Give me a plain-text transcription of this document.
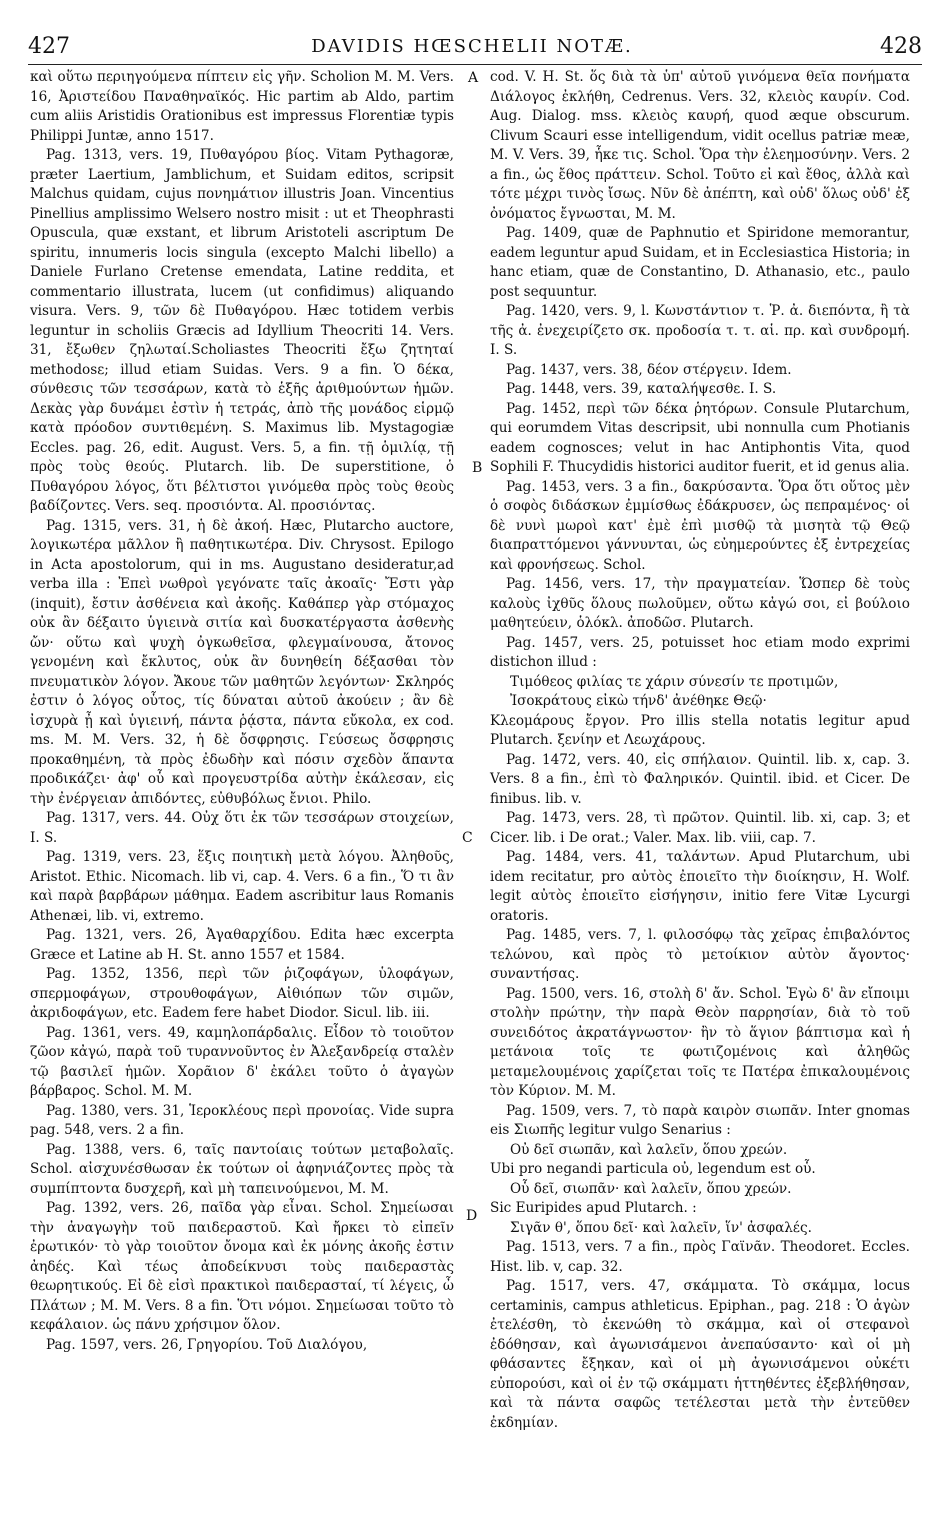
427	DAVIDIS HŒSCHELII NOTÆ.	428

καὶ οὕτω περιηγούμενα πίπτειν εἰς γῆν. Scholion M. M. Vers. 16, Ἀριστείδου Παναθηναϊκός. Hic partim ab Aldo, partim cum aliis Aristidis Orationibus est impressus Florentiæ typis Philippi Juntæ, anno 1517.

Pag. 1313, vers. 19, Πυθαγόρου βίος. Vitam Pythagoræ, præter Laertium, Jamblichum, et Suidam editos, scripsit Malchus quidam, cujus πονημάτιον illustris Joan. Vincentius Pinellius amplissimo Welsero nostro misit : ut et Theophrasti Opuscula, quæ exstant, et librum Aristoteli ascriptum De spiritu, innumeris locis singula (excepto Malchi libello) a Daniele Furlano Cretense emendata, Latine reddita, et commentario illustrata, lucem (ut confidimus) aliquando visura. Vers. 9, τῶν δὲ Πυθαγόρου. Hæc totidem verbis leguntur in scholiis Græcis ad Idyllium Theocriti 14. Vers. 31, ἔξωθεν ζηλωταί.Scholiastes Theocriti ἔξω ζητηταί methodosε; illud etiam Suidas. Vers. 9 a fin. Ὁ δέκα, σύνθεσις τῶν τεσσάρων, κατὰ τὸ ἑξῆς ἀριθμούντων ἡμῶν. Δεκὰς γὰρ δυνάμει ἐστὶν ἡ τετράς, ἀπὸ τῆς μονάδος εἱρμῷ κατὰ πρόοδον συντιθεμένη. S. Maximus lib. Mystagogiæ Eccles. pag. 26, edit. August. Vers. 5, a fin. τῇ ὁμιλίᾳ, τῇ πρὸς τοὺς θεούς. Plutarch. lib. De superstitione, ὁ Πυθαγόρου λόγος, ὅτι βέλτιστοι γινόμεθα πρὸς τοὺς θεοὺς βαδίζοντες. Vers. seq. προσιόντα. Al. προσιόντας.

Pag. 1315, vers. 31, ἡ δὲ ἀκοή. Hæc, Plutarcho auctore, λογικωτέρα μᾶλλον ἢ παθητικωτέρα. Div. Chrysost. Epilogo in Acta apostolorum, qui in ms. Augustano desideratur,ad verba illa : Ἐπεὶ νωθροὶ γεγόνατε ταῖς ἀκοαῖς· Ἔστι γὰρ (inquit), ἔστιν ἀσθένεια καὶ ἀκοῆς. Καθάπερ γὰρ στόμαχος οὐκ ἂν δέξαιτο ὑγιεινὰ σιτία καὶ δυσκατέργαστα ἀσθενὴς ὤν· οὕτω καὶ ψυχὴ ὀγκωθεῖσα, φλεγμαίνουσα, ἄτονος γενομένη καὶ ἔκλυτος, οὐκ ἂν δυνηθείη δέξασθαι τὸν πνευματικὸν λόγον. Ἄκουε τῶν μαθητῶν λεγόντων· Σκληρός ἐστιν ὁ λόγος οὗτος, τίς δύναται αὐτοῦ ἀκούειν ; ἂν δὲ ἰσχυρὰ ᾖ καὶ ὑγιεινή, πάντα ῥᾴστα, πάντα εὔκολα, ex cod. ms. M. M. Vers. 32, ἡ δὲ ὄσφρησις. Γεύσεως ὄσφρησις προκαθημένη, τὰ πρὸς ἐδωδὴν καὶ πόσιν σχεδὸν ἅπαντα προδικάζει· ἀφ' οὗ καὶ προγευστρίδα αὐτὴν ἐκάλεσαν, εἰς τὴν ἐνέργειαν ἀπιδόντες, εὐθυβόλως ἔνιοι. Philo.

Pag. 1317, vers. 44. Οὐχ ὅτι ἐκ τῶν τεσσάρων στοιχείων, I. S.

Pag. 1319, vers. 23, ἕξις ποιητικὴ μετὰ λόγου. Ἀληθοῦς, Aristot. Ethic. Nicomach. lib vi, cap. 4. Vers. 6 a fin., Ὅ τι ἂν καὶ παρὰ βαρβάρων μάθημα. Eadem ascribitur laus Romanis Athenæi, lib. vi, extremo.

Pag. 1321, vers. 26, Ἀγαθαρχίδου. Edita hæc excerpta Græce et Latine ab H. St. anno 1557 et 1584.

Pag. 1352, 1356, περὶ τῶν ῥιζοφάγων, ὑλοφάγων, σπερμοφάγων, στρουθοφάγων, Αἰθιόπων τῶν σιμῶν, ἀκριδοφάγων, etc. Eadem fere habet Diodor. Sicul. lib. iii.

Pag. 1361, vers. 49, καμηλοπάρδαλις. Εἶδον τὸ τοιοῦτον ζῶον κἀγώ, παρὰ τοῦ τυραννοῦντος ἐν Ἀλεξανδρείᾳ σταλὲν τῷ βασιλεῖ ἡμῶν. Χορᾶιον δ' ἐκάλει τοῦτο ὁ ἀγαγὼν βάρβαρος. Schol. M. M.

Pag. 1380, vers. 31, Ἱεροκλέους περὶ προνοίας. Vide supra pag. 548, vers. 2 a fin.

Pag. 1388, vers. 6, ταῖς παντοίαις τούτων μεταβολαῖς. Schol. αἰσχυνέσθωσαν ἐκ τούτων οἱ ἀφηνιάζοντες πρὸς τὰ συμπίπτοντα δυσχερῆ, καὶ μὴ ταπεινούμενοι, M. M.

Pag. 1392, vers. 26, παῖδα γὰρ εἶναι. Schol. Σημείωσαι τὴν ἀναγωγὴν τοῦ παιδεραστοῦ. Καὶ ἤρκει τὸ εἰπεῖν ἐρωτικόν· τὸ γὰρ τοιοῦτον ὄνομα καὶ ἐκ μόνης ἀκοῆς ἐστιν ἀηδές. Καὶ τέως ἀποδείκνυσι τοὺς παιδεραστὰς θεωρητικούς. Εἰ δὲ εἰσὶ πρακτικοὶ παιδερασταί, τί λέγεις, ὦ Πλάτων ; M. M. Vers. 8 a fin. Ὅτι νόμοι. Σημείωσαι τοῦτο τὸ κεφάλαιον. ὡς πάνυ χρήσιμον ὅλον.

Pag. 1597, vers. 26, Γρηγορίου. Τοῦ Διαλόγου,

cod. V. H. St. ὅς διὰ τὰ ὑπ' αὐτοῦ γινόμενα θεῖα πονήματα Διάλογος ἐκλήθη, Cedrenus. Vers. 32, κλειὸς καυρίν. Cod. Aug. Dialog. mss. κλειὸς καυρή, quod æque obscurum. Clivum Scauri esse intelligendum, vidit ocellus patriæ meæ, M. V. Vers. 39, ἧκε τις. Schol. Ὅρα τὴν ἐλεημοσύνην. Vers. 2 a fin., ὡς ἔθος πράττειν. Schol. Τοῦτο εἰ καὶ ἔθος, ἀλλὰ καὶ τότε μέχρι τινὸς ἴσως. Νῦν δὲ ἀπέπτη, καὶ οὐδ' ὅλως οὐδ' ἐξ ὀνόματος ἔγνωσται, M. M.

Pag. 1409, quæ de Paphnutio et Spiridone memorantur, eadem leguntur apud Suidam, et in Ecclesiastica Historia; in hanc etiam, quæ de Constantino, D. Athanasio, etc., paulo post sequuntur.

Pag. 1420, vers. 9, l. Κωνστάντιον τ. Ῥ. ἀ. διεπόντα, ἢ τὰ τῆς ἀ. ἐνεχειρίζετο σκ. προδοσία τ. τ. αἱ. πρ. καὶ συνδρομή. I. S.

Pag. 1437, vers. 38, δέον στέργειν. Idem.

Pag. 1448, vers. 39, καταλήψεσθε. I. S.

Pag. 1452, περὶ τῶν δέκα ῥητόρων. Consule Plutarchum, qui eorumdem Vitas descripsit, ubi nonnulla cum Photianis eadem cognosces; velut in hac Antiphontis Vita, quod Sophili F. Thucydidis historici auditor fuerit, et id genus alia.

Pag. 1453, vers. 3 a fin., δακρύσαντα. Ὅρα ὅτι οὕτος μὲν ὁ σοφὸς διδάσκων ἐμμίσθως ἐδάκρυσεν, ὡς πεπραμένος· οἱ δὲ νυνὶ μωροὶ κατ' ἐμὲ ἐπὶ μισθῷ τὰ μισητὰ τῷ Θεῷ διαπραττόμενοι γάννυνται, ὡς εὐημερούντες ἐξ ἐντρεχείας καὶ φρονήσεως. Schol.

Pag. 1456, vers. 17, τὴν πραγματείαν. Ὥσπερ δὲ τοὺς καλοὺς ἰχθῦς ὅλους πωλοῦμεν, οὕτω κἀγώ σοι, εἰ βούλοιο μαθητεύειν, ὁλόκλ. ἀποδῶσ. Plutarch.

Pag. 1457, vers. 25, potuisset hoc etiam modo exprimi distichon illud :

Τιμόθεος φιλίας τε χάριν σύνεσίν τε προτιμῶν,

Ἰσοκράτους εἰκὼ τήνδ' ἀνέθηκε Θεῷ·

Κλεομάρους ἔργον. Pro illis stella notatis legitur apud Plutarch. ξενίην et Λεωχάρους.

Pag. 1472, vers. 40, εἰς σπήλαιον. Quintil. lib. x, cap. 3. Vers. 8 a fin., ἐπὶ τὸ Φαληρικόν. Quintil. ibid. et Cicer. De finibus. lib. v.

Pag. 1473, vers. 28, τὶ πρῶτον. Quintil. lib. xi, cap. 3; et Cicer. lib. i De orat.; Valer. Max. lib. viii, cap. 7.

Pag. 1484, vers. 41, ταλάντων. Apud Plutarchum, ubi idem recitatur, pro αὐτὸς ἐποιεῖτο τὴν διοίκησιν, H. Wolf. legit αὐτὸς ἐποιεῖτο εἰσήγησιν, initio fere Vitæ Lycurgi oratoris.

Pag. 1485, vers. 7, l. φιλοσόφῳ τὰς χεῖρας ἐπιβαλόντος τελώνου, καὶ πρὸς τὸ μετοίκιον αὐτὸν ἄγοντος· συναντήσας.

Pag. 1500, vers. 16, στολὴ δ' ἄν. Schol. Ἐγὼ δ' ἂν εἴποιμι στολὴν πρώτην, τὴν παρὰ Θεὸν παρρησίαν, διὰ τὸ τοῦ συνειδότος ἀκρατάγνωστον· ἢν τὸ ἅγιον βάπτισμα καὶ ἡ μετάνοια τοῖς τε φωτιζομένοις καὶ ἀληθῶς μεταμελουμένοις χαρίζεται τοῖς τε Πατέρα ἐπικαλουμένοις τὸν Κύριον. M. M.

Pag. 1509, vers. 7, τὸ παρὰ καιρὸν σιωπᾶν. Inter gnomas eis Σιωπῆς legitur vulgo Senarius :

Οὐ δεῖ σιωπᾶν, καὶ λαλεῖν, ὅπου χρεών.

Ubi pro negandi particula οὐ, legendum est οὗ.

Οὗ δεῖ, σιωπᾶν· καὶ λαλεῖν, ὅπου χρεών.

Sic Euripides apud Plutarch. :

Σιγᾶν θ', ὅπου δεῖ· καὶ λαλεῖν, ἵν' ἀσφαλές.

Pag. 1513, vers. 7 a fin., πρὸς Γαϊνᾶν. Theodoret. Eccles. Hist. lib. v, cap. 32.

Pag. 1517, vers. 47, σκάμματα. Τὸ σκάμμα, locus certaminis, campus athleticus. Epiphan., pag. 218 : Ὁ ἀγὼν ἐτελέσθη, τὸ ἐκενώθη τὸ σκάμμα, καὶ οἱ στεφανοὶ ἐδόθησαν, καὶ ἀγωνισάμενοι ἀνεπαύσαντο· καὶ οἱ μὴ φθάσαντες ἔξηκαν, καὶ οἱ μὴ ἀγωνισάμενοι οὐκέτι εὐπορούσι, καὶ οἱ ἐν τῷ σκάμματι ἡττηθέντες ἐξεβλήθησαν, καὶ τὰ πάντα σαφῶς τετέλεσται μετὰ τὴν ἐντεῦθεν ἐκδημίαν.

A
B
C
D
